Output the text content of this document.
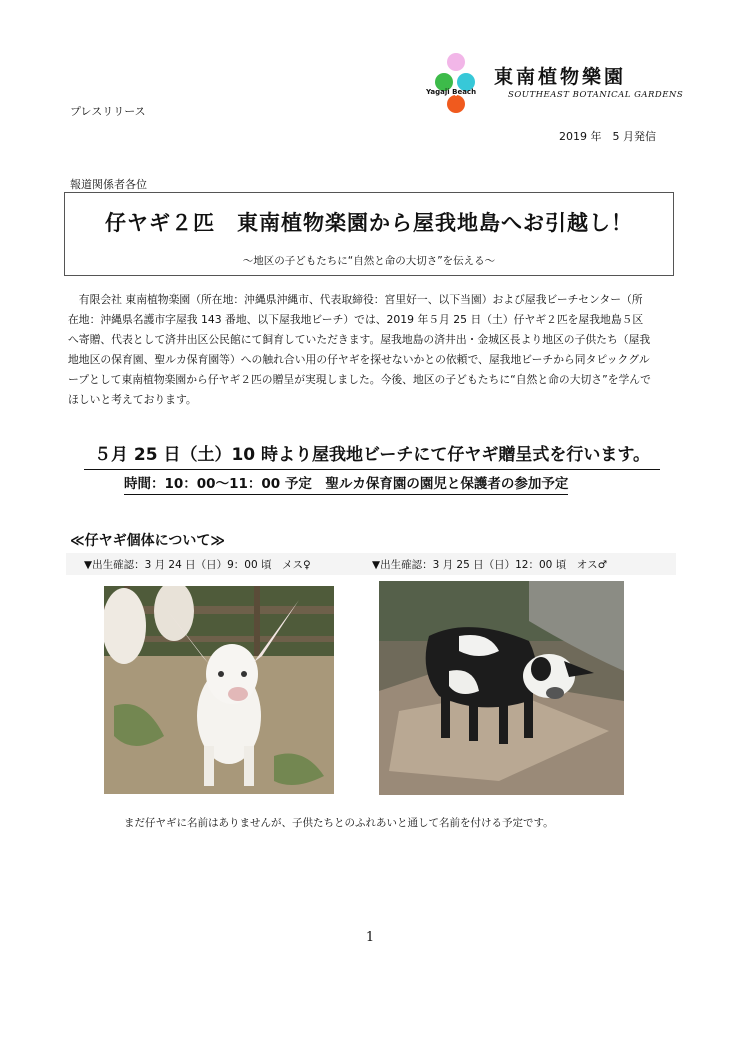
プレスリリース
2019 年　5 月発信
Yagaji Beach
東南植物樂園
SOUTHEAST BOTANICAL GARDENS
報道関係者各位
仔ヤギ２匹　東南植物楽園から屋我地島へお引越し！
～地区の子どもたちに“自然と命の大切さ”を伝える～
　有限会社 東南植物楽園（所在地：沖縄県沖縄市、代表取締役：宮里好一、以下当園）および屋我ビーチセンター（所
在地：沖縄県名護市字屋我 143 番地、以下屋我地ビーチ）では、2019 年５月 25 日（土）仔ヤギ２匹を屋我地島５区
へ寄贈、代表として済井出区公民館にて飼育していただきます。屋我地島の済井出・金城区長より地区の子供たち（屋我
地地区の保育園、聖ルカ保育園等）への触れ合い用の仔ヤギを探せないかとの依頼で、屋我地ビーチから同タピックグル
ープとして東南植物楽園から仔ヤギ２匹の贈呈が実現しました。今後、地区の子どもたちに“自然と命の大切さ”を学んで
ほしいと考えております。
５月 25 日（土）10 時より屋我地ビーチにて仔ヤギ贈呈式を行います。
時間：10：00～11：00 予定　聖ルカ保育園の園児と保護者の参加予定
≪仔ヤギ個体について≫
▼出生確認：3 月 24 日（日）9：00 頃　メス♀	▼出生確認：3 月 25 日（日）12：00 頃　オス♂
まだ仔ヤギに名前はありませんが、子供たちとのふれあいと通して名前を付ける予定です。
1
